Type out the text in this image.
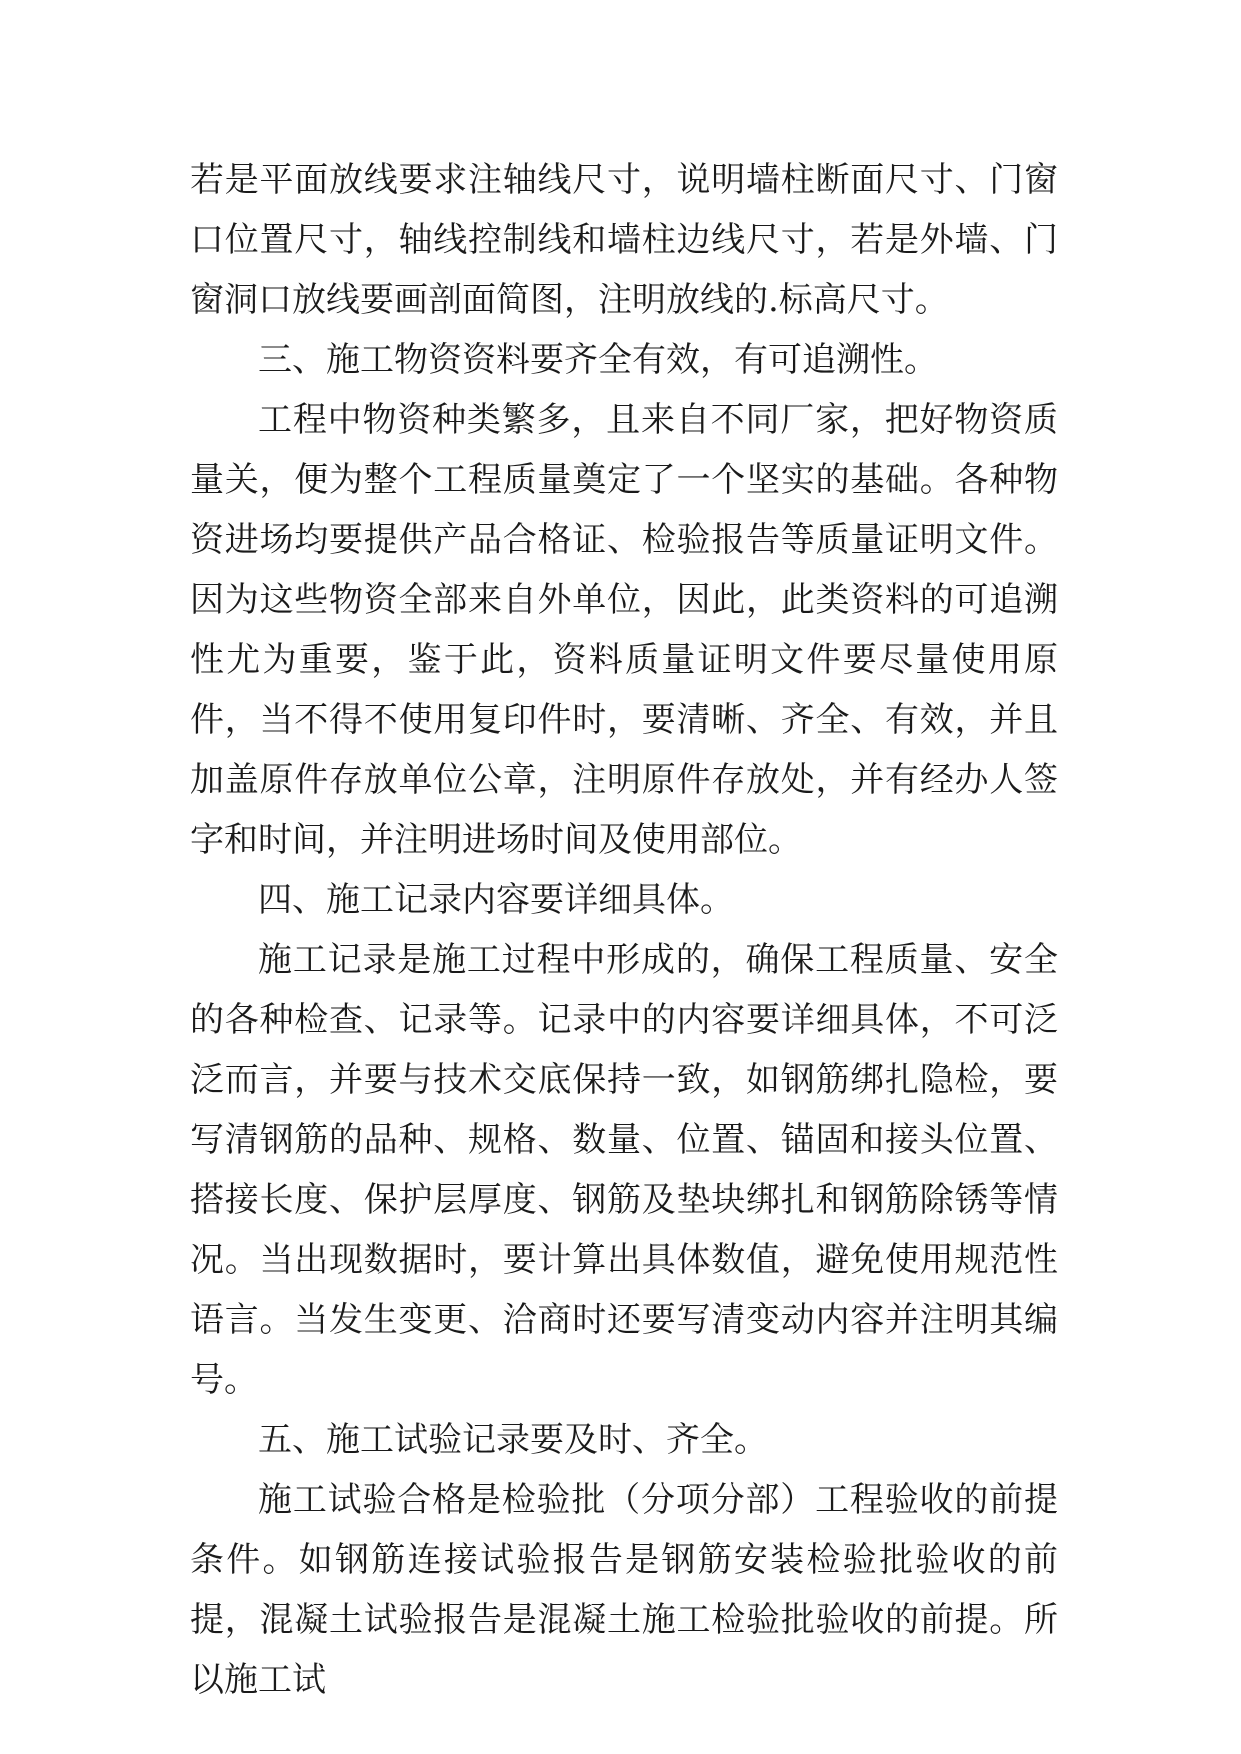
若是平面放线要求注轴线尺寸，说明墙柱断面尺寸、门窗口位置尺寸，轴线控制线和墙柱边线尺寸，若是外墙、门窗洞口放线要画剖面简图，注明放线的.标高尺寸。

三、施工物资资料要齐全有效，有可追溯性。

工程中物资种类繁多，且来自不同厂家，把好物资质量关，便为整个工程质量奠定了一个坚实的基础。各种物资进场均要提供产品合格证、检验报告等质量证明文件。因为这些物资全部来自外单位，因此，此类资料的可追溯性尤为重要，鉴于此，资料质量证明文件要尽量使用原件，当不得不使用复印件时，要清晰、齐全、有效，并且加盖原件存放单位公章，注明原件存放处，并有经办人签字和时间，并注明进场时间及使用部位。

四、施工记录内容要详细具体。

施工记录是施工过程中形成的，确保工程质量、安全的各种检查、记录等。记录中的内容要详细具体，不可泛泛而言，并要与技术交底保持一致，如钢筋绑扎隐检，要写清钢筋的品种、规格、数量、位置、锚固和接头位置、搭接长度、保护层厚度、钢筋及垫块绑扎和钢筋除锈等情况。当出现数据时，要计算出具体数值，避免使用规范性语言。当发生变更、洽商时还要写清变动内容并注明其编号。

五、施工试验记录要及时、齐全。

施工试验合格是检验批（分项分部）工程验收的前提条件。如钢筋连接试验报告是钢筋安装检验批验收的前提，混凝土试验报告是混凝土施工检验批验收的前提。所以施工试
